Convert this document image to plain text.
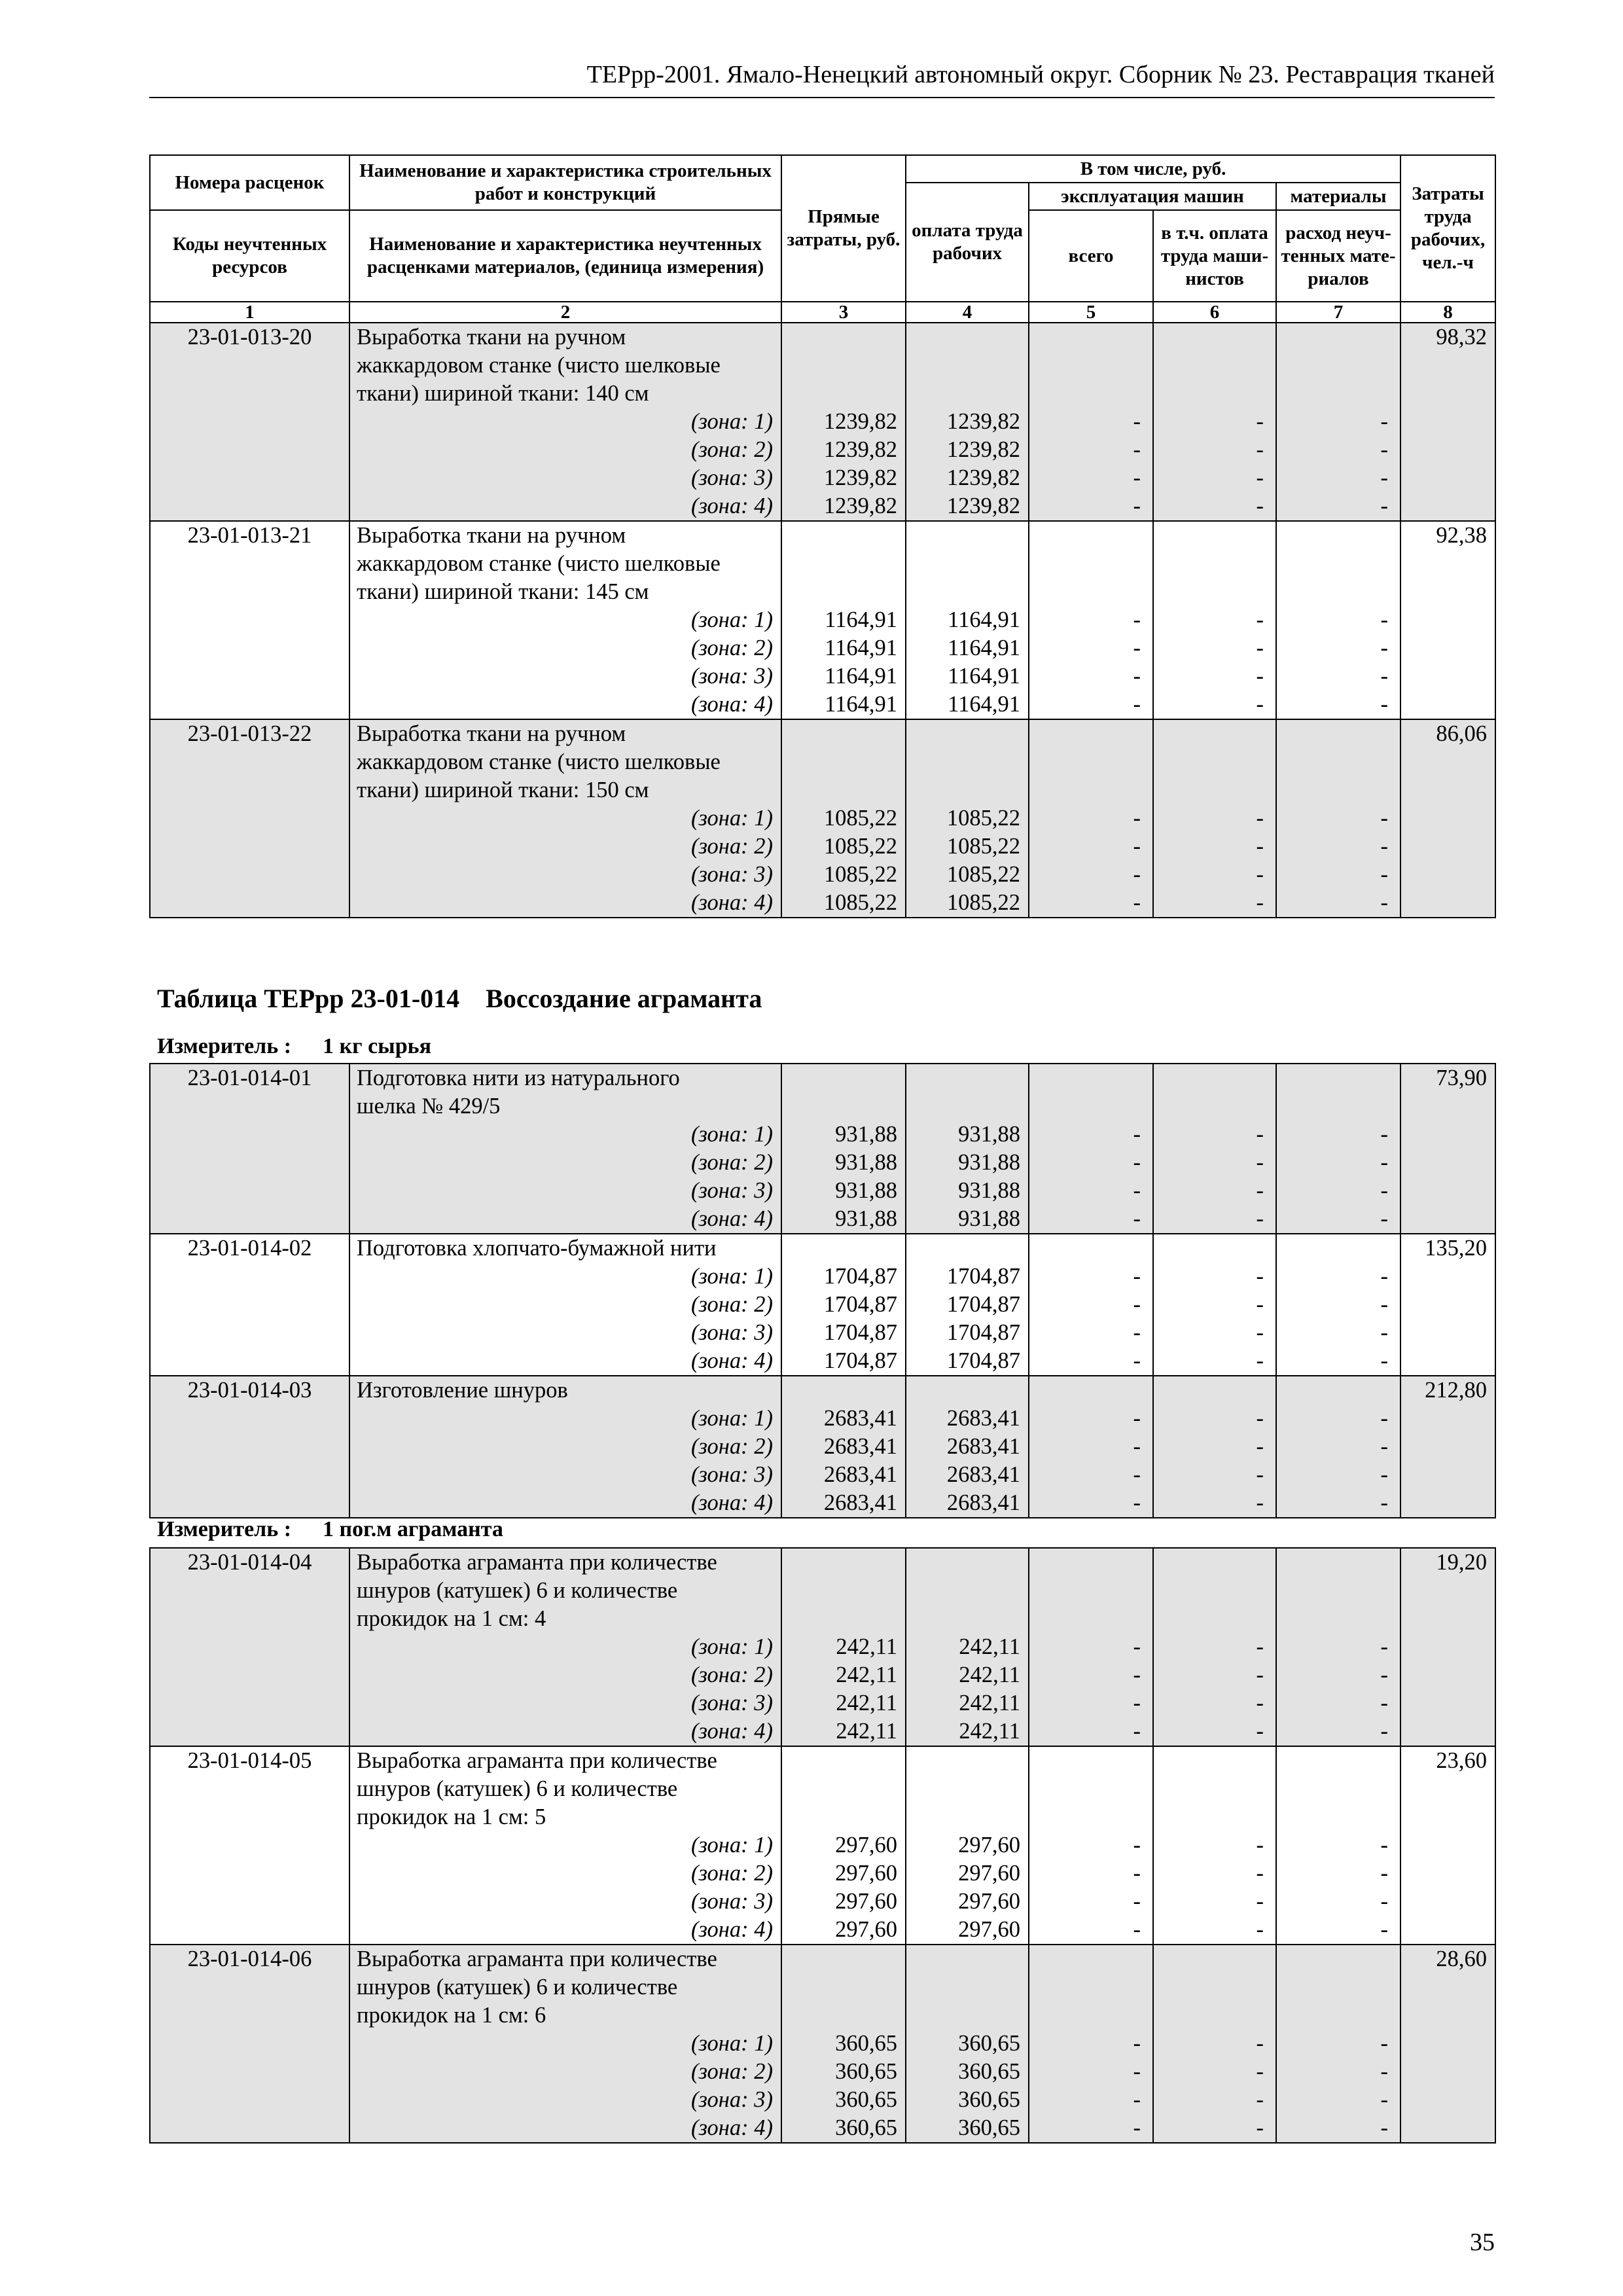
ТЕРрр-2001. Ямало-Ненецкий автономный округ. Сборник № 23. Реставрация тканей
Номера расценок	Наименование и характеристика строительных работ и конструкций	Прямые затраты, руб.	В том числе, руб.				Затраты труда рабочих, чел.-ч
			оплата труда рабочих	эксплуатация машин		материалы	
Коды неучтенных ресурсов	Наименование и характеристика неучтенных расценками материалов, (единица измерения)			всего	в т.ч. оплата труда маши-нистов	расход неуч-тенных мате-риалов	

1	2	3	4	5	6	7	8
23-01-013-20	Выработка ткани на ручном						98,32
	жаккардовом станке (чисто шелковые						
	ткани) шириной ткани: 140 см						
	(зона: 1)	1239,82	1239,82	-	-	-	
	(зона: 2)	1239,82	1239,82	-	-	-	
	(зона: 3)	1239,82	1239,82	-	-	-	
	(зона: 4)	1239,82	1239,82	-	-	-	
23-01-013-21	Выработка ткани на ручном						92,38
	жаккардовом станке (чисто шелковые						
	ткани) шириной ткани: 145 см						
	(зона: 1)	1164,91	1164,91	-	-	-	
	(зона: 2)	1164,91	1164,91	-	-	-	
	(зона: 3)	1164,91	1164,91	-	-	-	
	(зона: 4)	1164,91	1164,91	-	-	-	
23-01-013-22	Выработка ткани на ручном						86,06
	жаккардовом станке (чисто шелковые						
	ткани) шириной ткани: 150 см						
	(зона: 1)	1085,22	1085,22	-	-	-	
	(зона: 2)	1085,22	1085,22	-	-	-	
	(зона: 3)	1085,22	1085,22	-	-	-	
	(зона: 4)	1085,22	1085,22	-	-	-	
Таблица ТЕРрр 23-01-014 Воссоздание аграманта
Измеритель : 1 кг сырья
23-01-014-01	Подготовка нити из натурального						73,90
	шелка № 429/5						
	(зона: 1)	931,88	931,88	-	-	-	
	(зона: 2)	931,88	931,88	-	-	-	
	(зона: 3)	931,88	931,88	-	-	-	
	(зона: 4)	931,88	931,88	-	-	-	
23-01-014-02	Подготовка хлопчато-бумажной нити						135,20
	(зона: 1)	1704,87	1704,87	-	-	-	
	(зона: 2)	1704,87	1704,87	-	-	-	
	(зона: 3)	1704,87	1704,87	-	-	-	
	(зона: 4)	1704,87	1704,87	-	-	-	
23-01-014-03	Изготовление шнуров						212,80
	(зона: 1)	2683,41	2683,41	-	-	-	
	(зона: 2)	2683,41	2683,41	-	-	-	
	(зона: 3)	2683,41	2683,41	-	-	-	
	(зона: 4)	2683,41	2683,41	-	-	-	
Измеритель : 1 пог.м аграманта
23-01-014-04	Выработка аграманта при количестве						19,20
	шнуров (катушек) 6 и количестве						
	прокидок на 1 см: 4						
	(зона: 1)	242,11	242,11	-	-	-	
	(зона: 2)	242,11	242,11	-	-	-	
	(зона: 3)	242,11	242,11	-	-	-	
	(зона: 4)	242,11	242,11	-	-	-	
23-01-014-05	Выработка аграманта при количестве						23,60
	шнуров (катушек) 6 и количестве						
	прокидок на 1 см: 5						
	(зона: 1)	297,60	297,60	-	-	-	
	(зона: 2)	297,60	297,60	-	-	-	
	(зона: 3)	297,60	297,60	-	-	-	
	(зона: 4)	297,60	297,60	-	-	-	
23-01-014-06	Выработка аграманта при количестве						28,60
	шнуров (катушек) 6 и количестве						
	прокидок на 1 см: 6						
	(зона: 1)	360,65	360,65	-	-	-	
	(зона: 2)	360,65	360,65	-	-	-	
	(зона: 3)	360,65	360,65	-	-	-	
	(зона: 4)	360,65	360,65	-	-	-	
35
